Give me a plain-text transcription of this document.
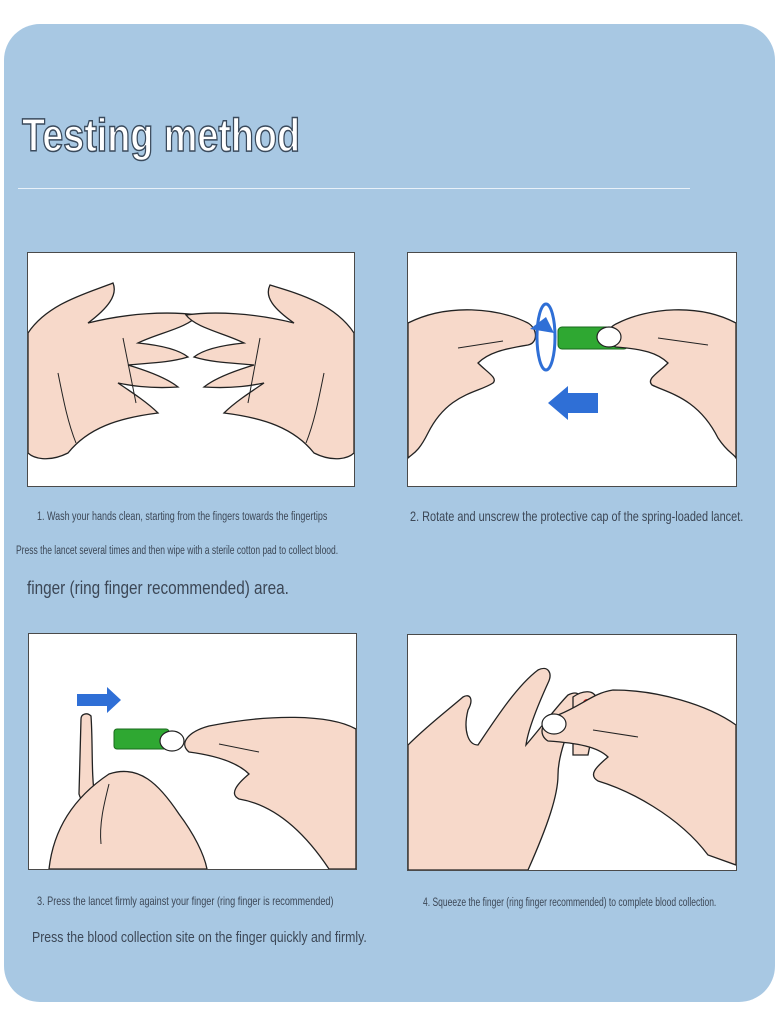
Testing method
1. Wash your hands clean, starting from the fingers towards the fingertips	2. Rotate and unscrew the protective cap of the spring-loaded lancet.
Press the lancet several times and then wipe with a sterile cotton pad to collect blood.
finger (ring finger recommended) area.
3. Press the lancet firmly against your finger (ring finger is recommended)	4. Squeeze the finger (ring finger recommended) to complete blood collection.
Press the blood collection site on the finger quickly and firmly.
